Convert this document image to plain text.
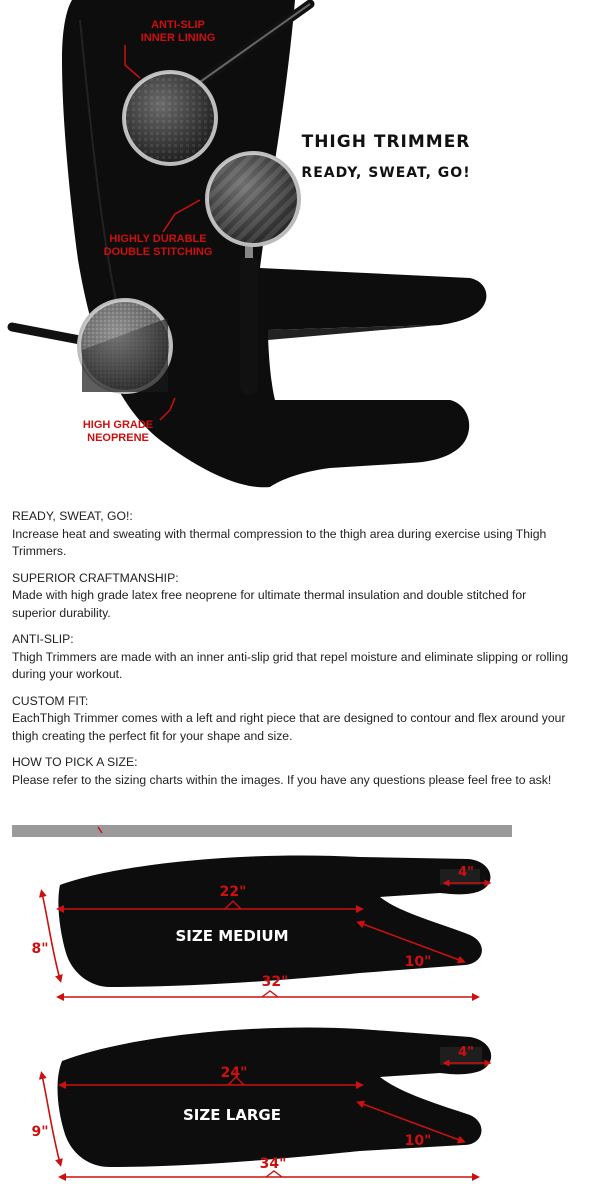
ANTI-SLIP
INNER LINING
HIGHLY DURABLE
DOUBLE STITCHING
HIGH GRADE
NEOPRENE
THIGH TRIMMER
READY, SWEAT, GO!
READY, SWEAT, GO!:
Increase heat and sweating with thermal compression to the thigh area during exercise using Thigh Trimmers.
SUPERIOR CRAFTMANSHIP:
Made with high grade latex free neoprene for ultimate thermal insulation and double stitched for superior durability.
ANTI-SLIP:
Thigh Trimmers are made with an inner anti-slip grid that repel moisture and eliminate slipping or rolling during your workout.
CUSTOM FIT:
EachThigh Trimmer comes with a left and right piece that are designed to contour and flex around your thigh creating the perfect fit for your shape and size.
HOW TO PICK A SIZE:
Please refer to the sizing charts within the images. If you have any questions please feel free to ask!
22"
8"
32"
10"
4"
SIZE MEDIUM
24"
9"
34"
10"
4"
SIZE LARGE
